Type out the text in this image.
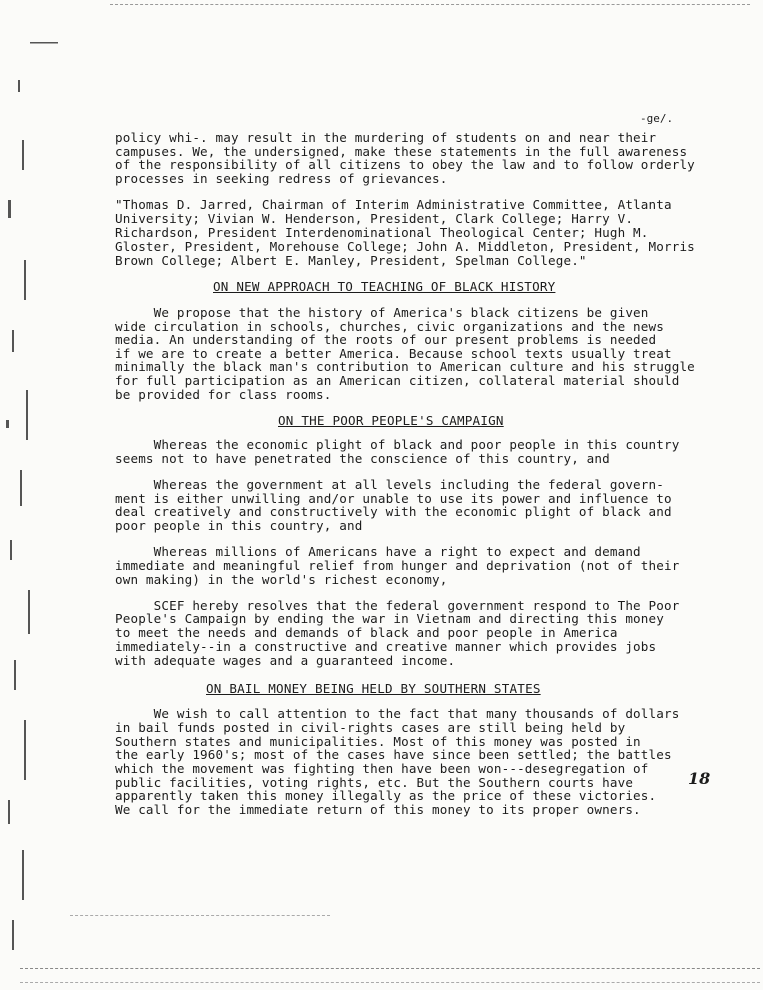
-ge/.
policy whi-. may result in the murdering of students on and near their
campuses. We, the undersigned, make these statements in the full awareness
of the responsibility of all citizens to obey the law and to follow orderly
processes in seeking redress of grievances.
"Thomas D. Jarred, Chairman of Interim Administrative Committee, Atlanta
University; Vivian W. Henderson, President, Clark College; Harry V.
Richardson, President Interdenominational Theological Center; Hugh M.
Gloster, President, Morehouse College; John A. Middleton, President, Morris
Brown College; Albert E. Manley, President, Spelman College."
ON NEW APPROACH TO TEACHING OF BLACK HISTORY
We propose that the history of America's black citizens be given
wide circulation in schools, churches, civic organizations and the news
media. An understanding of the roots of our present problems is needed
if we are to create a better America. Because school texts usually treat
minimally the black man's contribution to American culture and his struggle
for full participation as an American citizen, collateral material should
be provided for class rooms.
ON THE POOR PEOPLE'S CAMPAIGN
Whereas the economic plight of black and poor people in this country
seems not to have penetrated the conscience of this country, and
Whereas the government at all levels including the federal govern-
ment is either unwilling and/or unable to use its power and influence to
deal creatively and constructively with the economic plight of black and
poor people in this country, and
Whereas millions of Americans have a right to expect and demand
immediate and meaningful relief from hunger and deprivation (not of their
own making) in the world's richest economy,
SCEF hereby resolves that the federal government respond to The Poor
People's Campaign by ending the war in Vietnam and directing this money
to meet the needs and demands of black and poor people in America
immediately--in a constructive and creative manner which provides jobs
with adequate wages and a guaranteed income.
ON BAIL MONEY BEING HELD BY SOUTHERN STATES
We wish to call attention to the fact that many thousands of dollars
in bail funds posted in civil-rights cases are still being held by
Southern states and municipalities. Most of this money was posted in
the early 1960's; most of the cases have since been settled; the battles
which the movement was fighting then have been won---desegregation of
public facilities, voting rights, etc. But the Southern courts have
apparently taken this money illegally as the price of these victories.
We call for the immediate return of this money to its proper owners.
18
